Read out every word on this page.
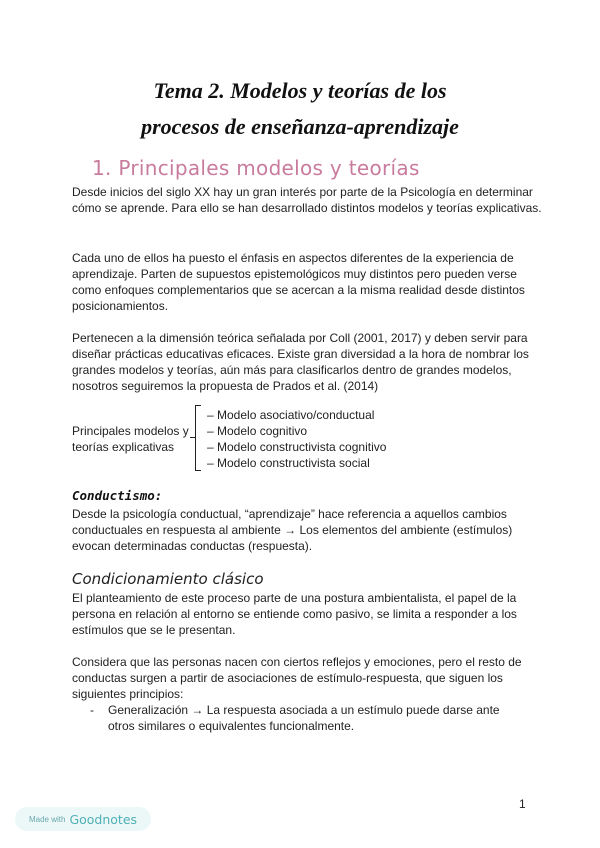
Tema 2. Modelos y teorías de los
procesos de enseñanza-aprendizaje
1. Principales modelos y teorías
Desde inicios del siglo XX hay un gran interés por parte de la Psicología en determinar cómo se aprende. Para ello se han desarrollado distintos modelos y teorías explicativas.
Cada uno de ellos ha puesto el énfasis en aspectos diferentes de la experiencia de aprendizaje. Parten de supuestos epistemológicos muy distintos pero pueden verse como enfoques complementarios que se acercan a la misma realidad desde distintos posicionamientos.
Pertenecen a la dimensión teórica señalada por Coll (2001, 2017) y deben servir para diseñar prácticas educativas eficaces. Existe gran diversidad a la hora de nombrar los grandes modelos y teorías, aún más para clasificarlos dentro de grandes modelos, nosotros seguiremos la propuesta de Prados et al. (2014)
Principales modelos y teorías explicativas
– Modelo asociativo/conductual
– Modelo cognitivo
– Modelo constructivista cognitivo
– Modelo constructivista social
Conductismo:
Desde la psicología conductual, “aprendizaje” hace referencia a aquellos cambios conductuales en respuesta al ambiente → Los elementos del ambiente (estímulos) evocan determinadas conductas (respuesta).
Condicionamiento clásico
El planteamiento de este proceso parte de una postura ambientalista, el papel de la persona en relación al entorno se entiende como pasivo, se limita a responder a los estímulos que se le presentan.
Considera que las personas nacen con ciertos reflejos y emociones, pero el resto de conductas surgen a partir de asociaciones de estímulo-respuesta, que siguen los siguientes principios:
- Generalización → La respuesta asociada a un estímulo puede darse ante otros similares o equivalentes funcionalmente.
1
Made with Goodnotes
